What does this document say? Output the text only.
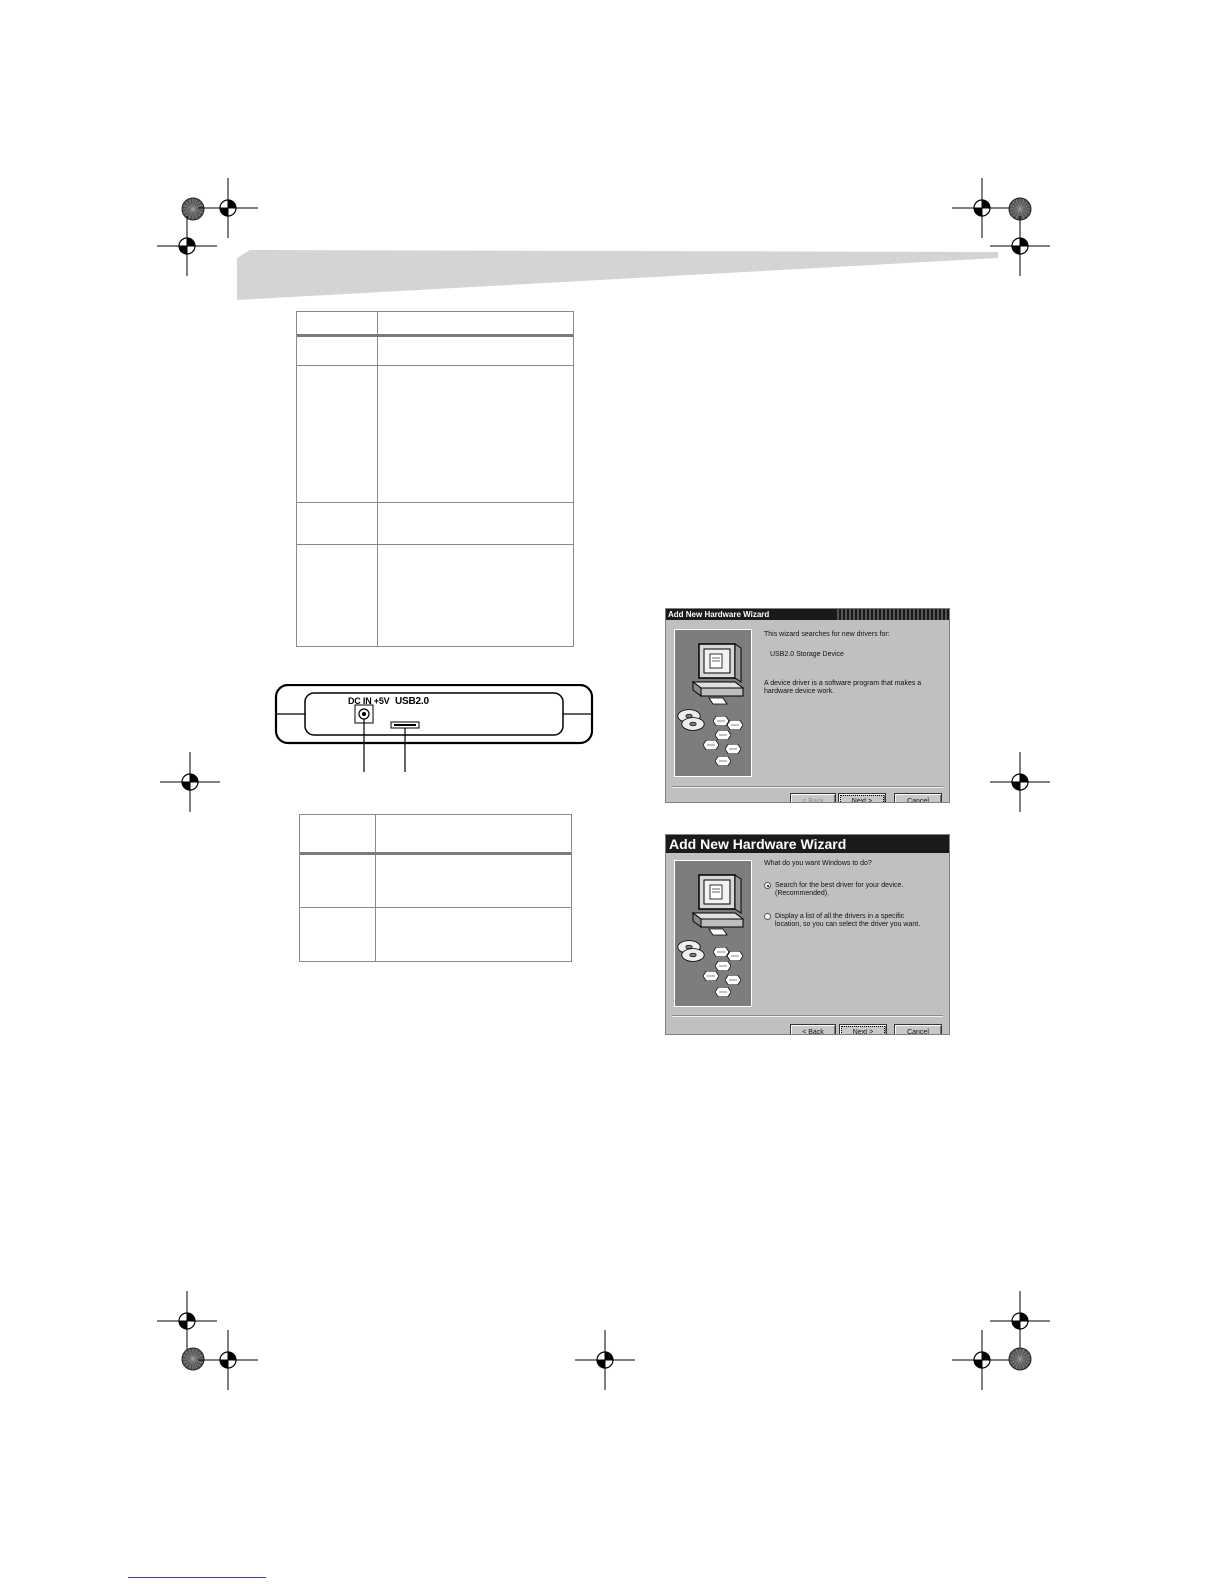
DC IN +5V USB2.0
Add New Hardware Wizard
This wizard searches for new drivers for:
USB2.0 Storage Device
A device driver is a software program that makes a
hardware device work.
< Back	Next >	Cancel
Add New Hardware Wizard
What do you want Windows to do?
Search for the best driver for your device.
(Recommended).
Display a list of all the drivers in a specific
location, so you can select the driver you want.
< Back	Next >	Cancel
